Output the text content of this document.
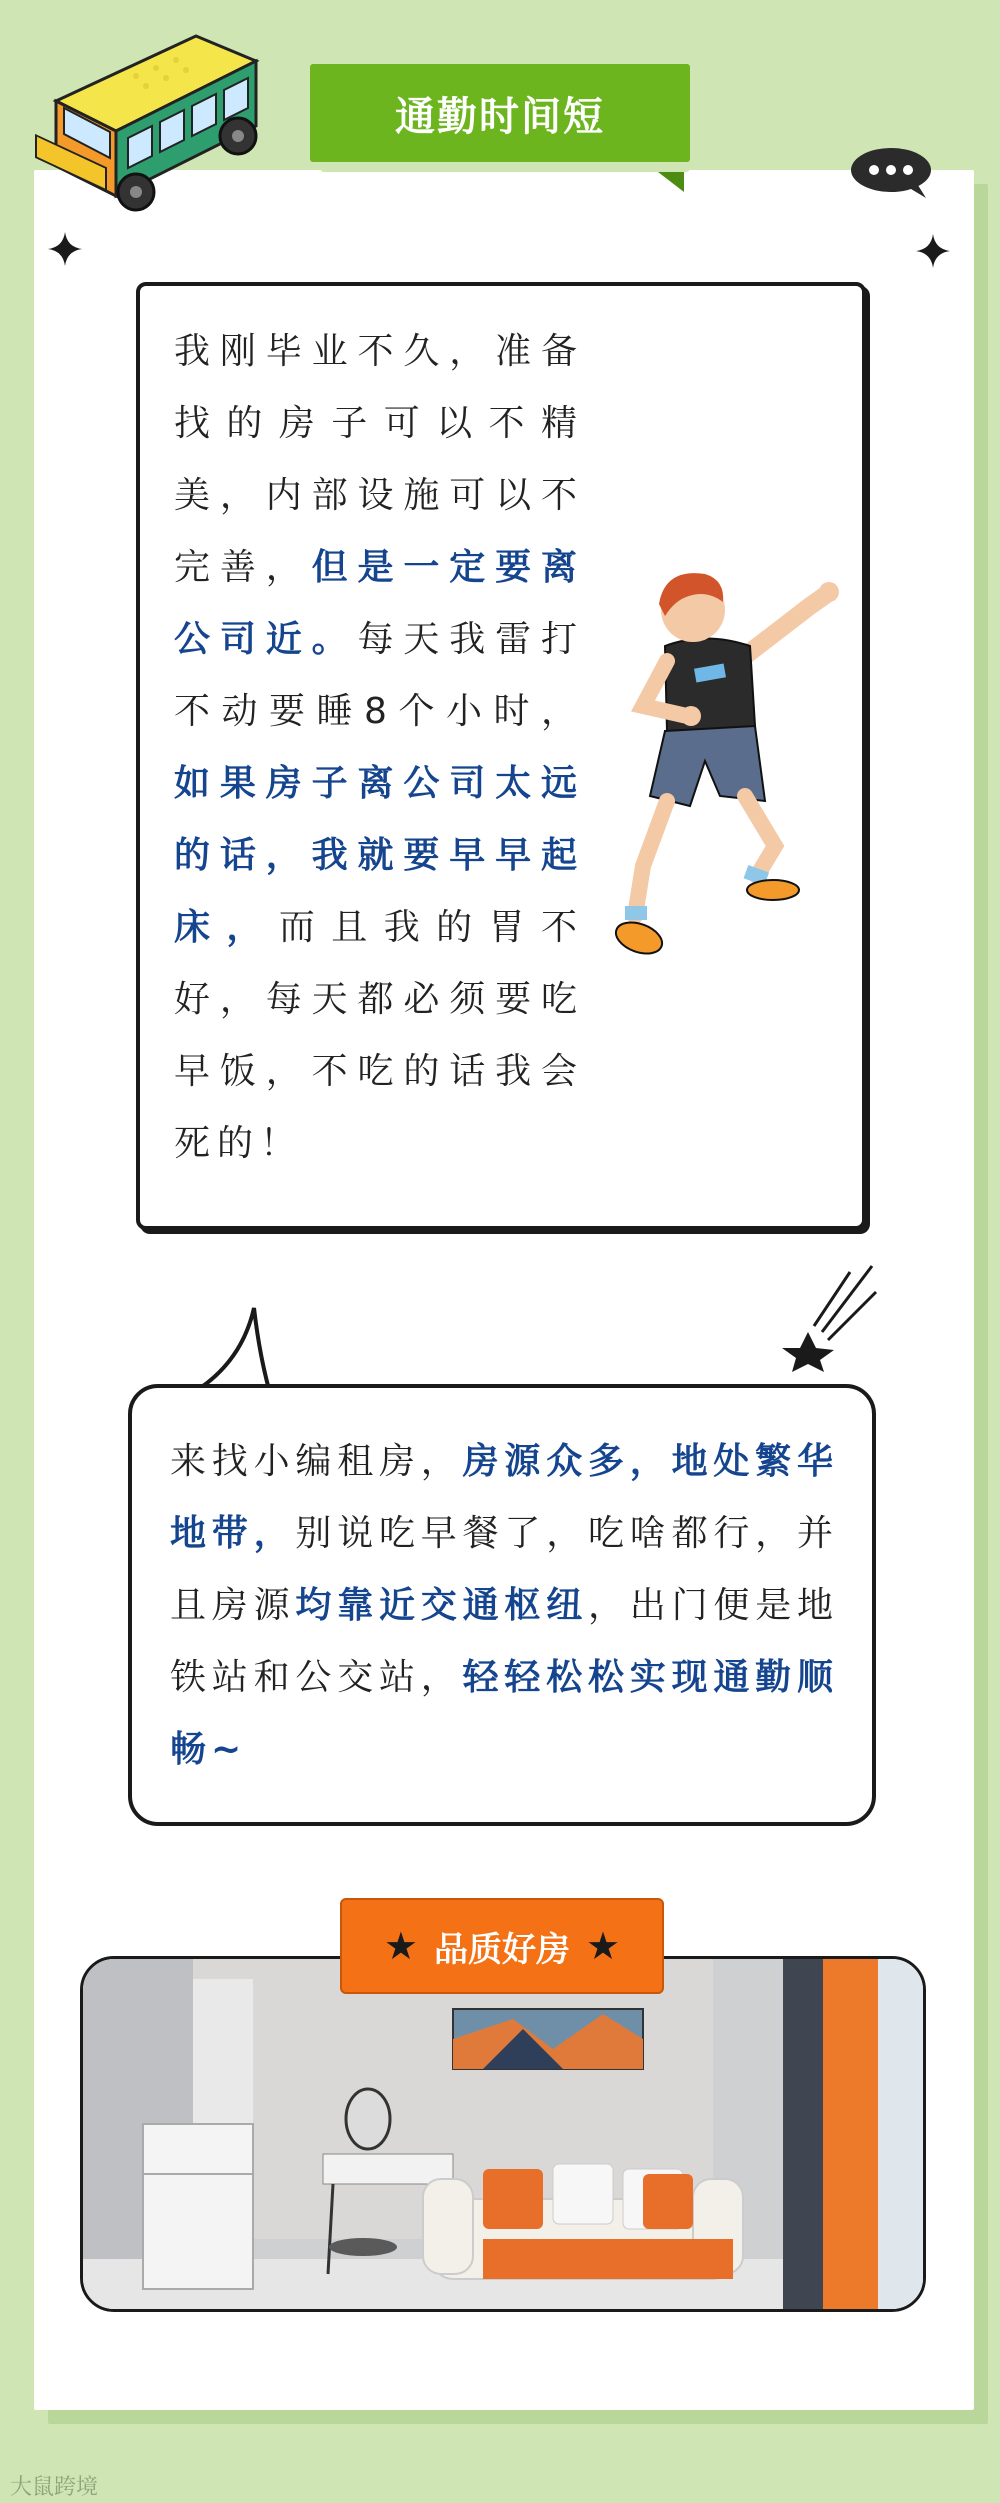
通勤时间短
我刚毕业不久，准备找的房子可以不精美，内部设施可以不完善，但是一定要离公司近。每天我雷打不动要睡8个小时，如果房子离公司太远的话，我就要早早起床，而且我的胃不好，每天都必须要吃早饭，不吃的话我会死的！
来找小编租房，房源众多，地处繁华地带，别说吃早餐了，吃啥都行，并且房源均靠近交通枢纽，出门便是地铁站和公交站，轻轻松松实现通勤顺畅~
★ 品质好房 ★
大鼠跨境
